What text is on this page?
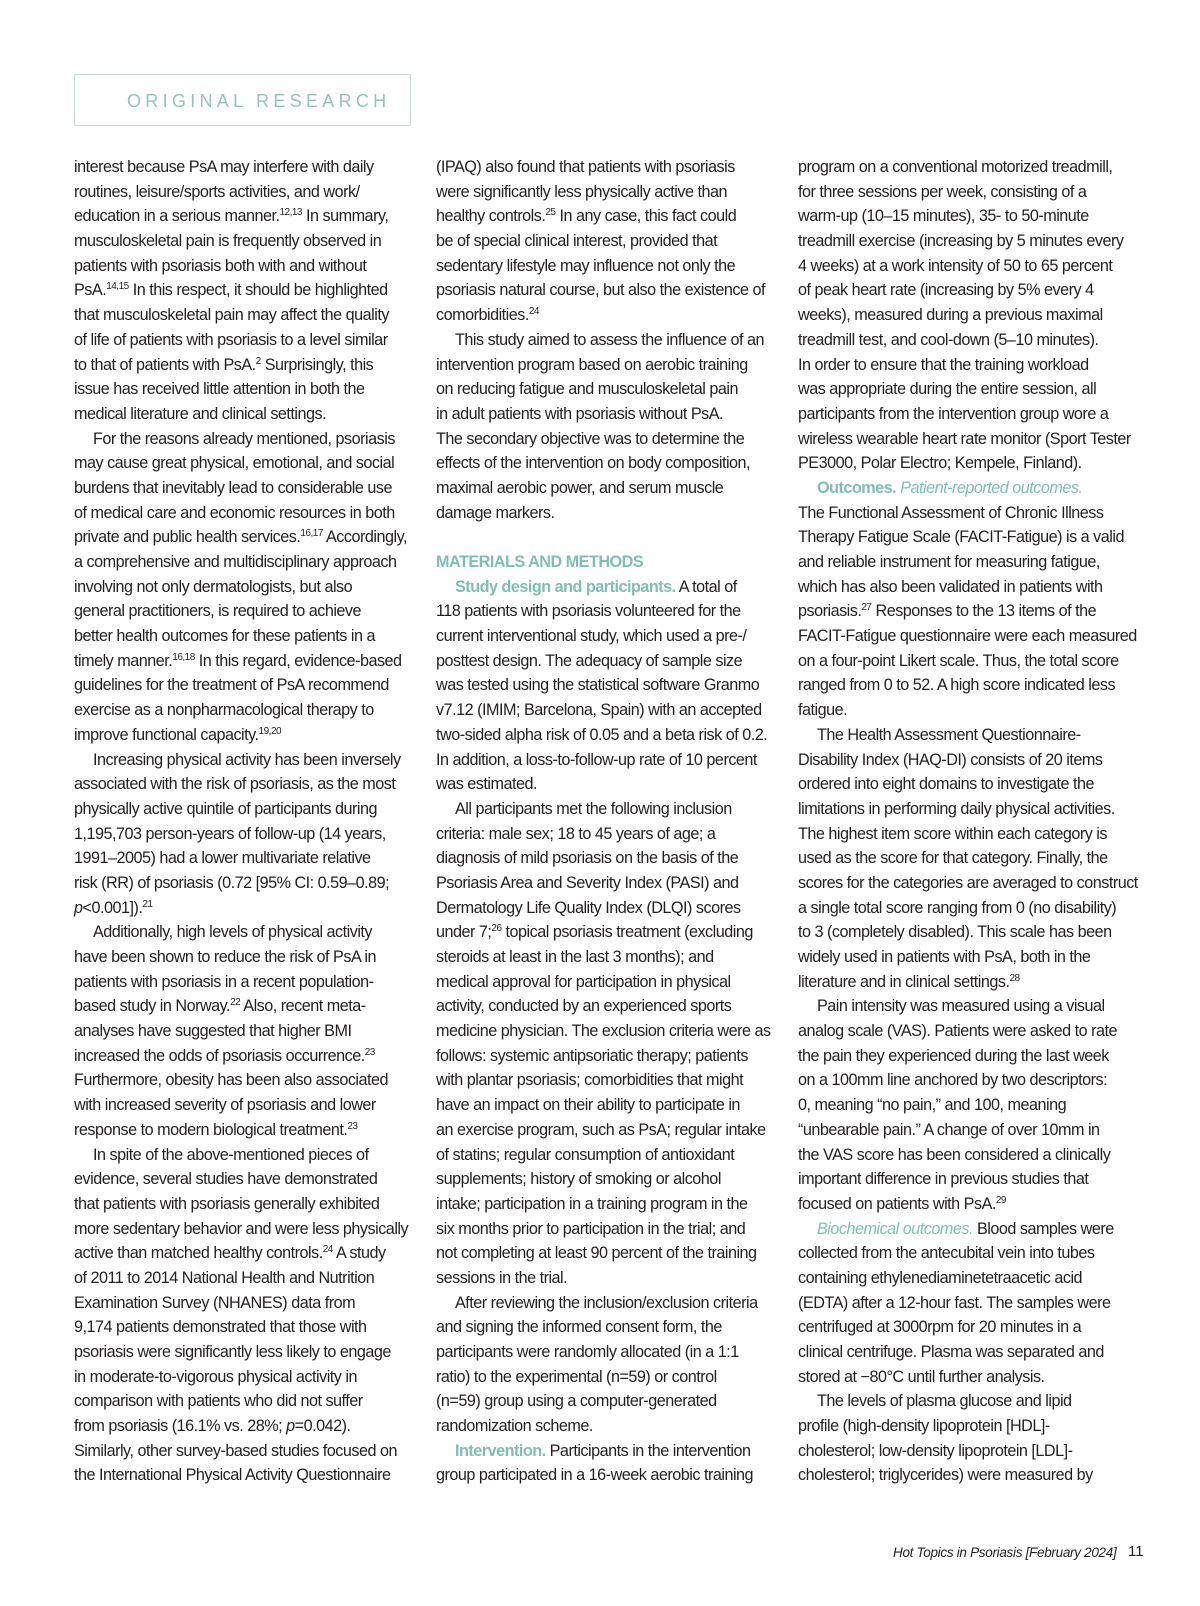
ORIGINAL RESEARCH
interest because PsA may interfere with daily
routines, leisure/sports activities, and work/
education in a serious manner.$^{12,13}$ In summary,
musculoskeletal pain is frequently observed in
patients with psoriasis both with and without
PsA.$^{14,15}$ In this respect, it should be highlighted
that musculoskeletal pain may affect the quality
of life of patients with psoriasis to a level similar
to that of patients with PsA.$^2$ Surprisingly, this
issue has received little attention in both the
medical literature and clinical settings.
For the reasons already mentioned, psoriasis
may cause great physical, emotional, and social
burdens that inevitably lead to considerable use
of medical care and economic resources in both
private and public health services.$^{16,17}$ Accordingly,
a comprehensive and multidisciplinary approach
involving not only dermatologists, but also
general practitioners, is required to achieve
better health outcomes for these patients in a
timely manner.$^{16,18}$ In this regard, evidence-based
guidelines for the treatment of PsA recommend
exercise as a nonpharmacological therapy to
improve functional capacity.$^{19,20}$
Increasing physical activity has been inversely
associated with the risk of psoriasis, as the most
physically active quintile of participants during
1,195,703 person-years of follow-up (14 years,
1991–2005) had a lower multivariate relative
risk (RR) of psoriasis (0.72 [95% CI: 0.59–0.89;
p<0.001]).$^{21}$
Additionally, high levels of physical activity
have been shown to reduce the risk of PsA in
patients with psoriasis in a recent population-
based study in Norway.$^{22}$ Also, recent meta-
analyses have suggested that higher BMI
increased the odds of psoriasis occurrence.$^{23}$
Furthermore, obesity has been also associated
with increased severity of psoriasis and lower
response to modern biological treatment.$^{23}$
In spite of the above-mentioned pieces of
evidence, several studies have demonstrated
that patients with psoriasis generally exhibited
more sedentary behavior and were less physically
active than matched healthy controls.$^{24}$ A study
of 2011 to 2014 National Health and Nutrition
Examination Survey (NHANES) data from
9,174 patients demonstrated that those with
psoriasis were significantly less likely to engage
in moderate-to-vigorous physical activity in
comparison with patients who did not suffer
from psoriasis (16.1% vs. 28%; p=0.042).
Similarly, other survey-based studies focused on
the International Physical Activity Questionnaire
(IPAQ) also found that patients with psoriasis
were significantly less physically active than
healthy controls.$^{25}$ In any case, this fact could
be of special clinical interest, provided that
sedentary lifestyle may influence not only the
psoriasis natural course, but also the existence of
comorbidities.$^{24}$
This study aimed to assess the influence of an
intervention program based on aerobic training
on reducing fatigue and musculoskeletal pain
in adult patients with psoriasis without PsA.
The secondary objective was to determine the
effects of the intervention on body composition,
maximal aerobic power, and serum muscle
damage markers.
MATERIALS AND METHODS
Study design and participants. A total of
118 patients with psoriasis volunteered for the
current interventional study, which used a pre-/
posttest design. The adequacy of sample size
was tested using the statistical software Granmo
v7.12 (IMIM; Barcelona, Spain) with an accepted
two-sided alpha risk of 0.05 and a beta risk of 0.2.
In addition, a loss-to-follow-up rate of 10 percent
was estimated.
All participants met the following inclusion
criteria: male sex; 18 to 45 years of age; a
diagnosis of mild psoriasis on the basis of the
Psoriasis Area and Severity Index (PASI) and
Dermatology Life Quality Index (DLQI) scores
under 7;$^{26}$ topical psoriasis treatment (excluding
steroids at least in the last 3 months); and
medical approval for participation in physical
activity, conducted by an experienced sports
medicine physician. The exclusion criteria were as
follows: systemic antipsoriatic therapy; patients
with plantar psoriasis; comorbidities that might
have an impact on their ability to participate in
an exercise program, such as PsA; regular intake
of statins; regular consumption of antioxidant
supplements; history of smoking or alcohol
intake; participation in a training program in the
six months prior to participation in the trial; and
not completing at least 90 percent of the training
sessions in the trial.
After reviewing the inclusion/exclusion criteria
and signing the informed consent form, the
participants were randomly allocated (in a 1:1
ratio) to the experimental (n=59) or control
(n=59) group using a computer-generated
randomization scheme.
Intervention. Participants in the intervention
group participated in a 16-week aerobic training
program on a conventional motorized treadmill,
for three sessions per week, consisting of a
warm-up (10–15 minutes), 35- to 50-minute
treadmill exercise (increasing by 5 minutes every
4 weeks) at a work intensity of 50 to 65 percent
of peak heart rate (increasing by 5% every 4
weeks), measured during a previous maximal
treadmill test, and cool-down (5–10 minutes).
In order to ensure that the training workload
was appropriate during the entire session, all
participants from the intervention group wore a
wireless wearable heart rate monitor (Sport Tester
PE3000, Polar Electro; Kempele, Finland).
Outcomes. Patient-reported outcomes.
The Functional Assessment of Chronic Illness
Therapy Fatigue Scale (FACIT-Fatigue) is a valid
and reliable instrument for measuring fatigue,
which has also been validated in patients with
psoriasis.$^{27}$ Responses to the 13 items of the
FACIT-Fatigue questionnaire were each measured
on a four-point Likert scale. Thus, the total score
ranged from 0 to 52. A high score indicated less
fatigue.
The Health Assessment Questionnaire-
Disability Index (HAQ-DI) consists of 20 items
ordered into eight domains to investigate the
limitations in performing daily physical activities.
The highest item score within each category is
used as the score for that category. Finally, the
scores for the categories are averaged to construct
a single total score ranging from 0 (no disability)
to 3 (completely disabled). This scale has been
widely used in patients with PsA, both in the
literature and in clinical settings.$^{28}$
Pain intensity was measured using a visual
analog scale (VAS). Patients were asked to rate
the pain they experienced during the last week
on a 100mm line anchored by two descriptors:
0, meaning “no pain,” and 100, meaning
“unbearable pain.” A change of over 10mm in
the VAS score has been considered a clinically
important difference in previous studies that
focused on patients with PsA.$^{29}$
Biochemical outcomes. Blood samples were
collected from the antecubital vein into tubes
containing ethylenediaminetetraacetic acid
(EDTA) after a 12-hour fast. The samples were
centrifuged at 3000rpm for 20 minutes in a
clinical centrifuge. Plasma was separated and
stored at −80°C until further analysis.
The levels of plasma glucose and lipid
profile (high-density lipoprotein [HDL]-
cholesterol; low-density lipoprotein [LDL]-
cholesterol; triglycerides) were measured by
Hot Topics in Psoriasis [February 2024] 11
